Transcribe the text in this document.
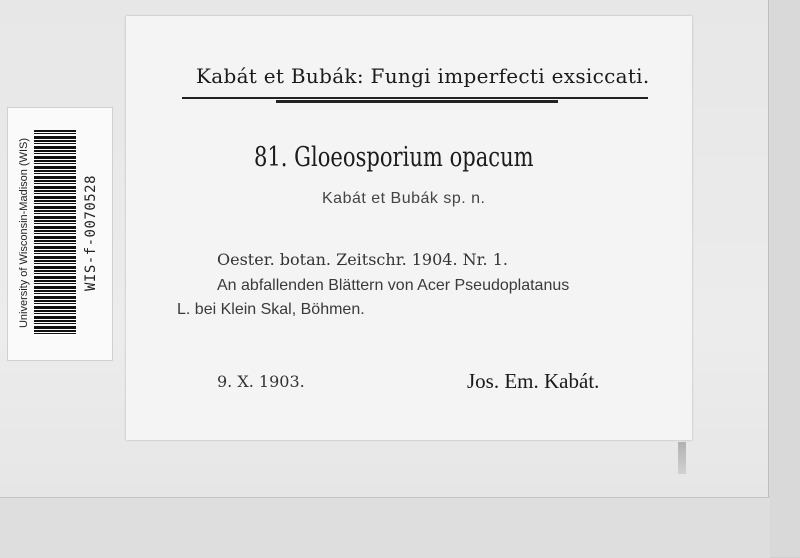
Kabát et Bubák: Fungi imperfecti exsiccati.
81. Gloeosporium opacum
Kabát et Bubák sp. n.
Oester. botan. Zeitschr. 1904. Nr. 1.
An abfallenden Blättern von Acer Pseudoplatanus
L. bei Klein Skal, Böhmen.
9. X. 1903.	Jos. Em. Kabát.
University of Wisconsin-Madison (WIS)	WIS-f-0070528
